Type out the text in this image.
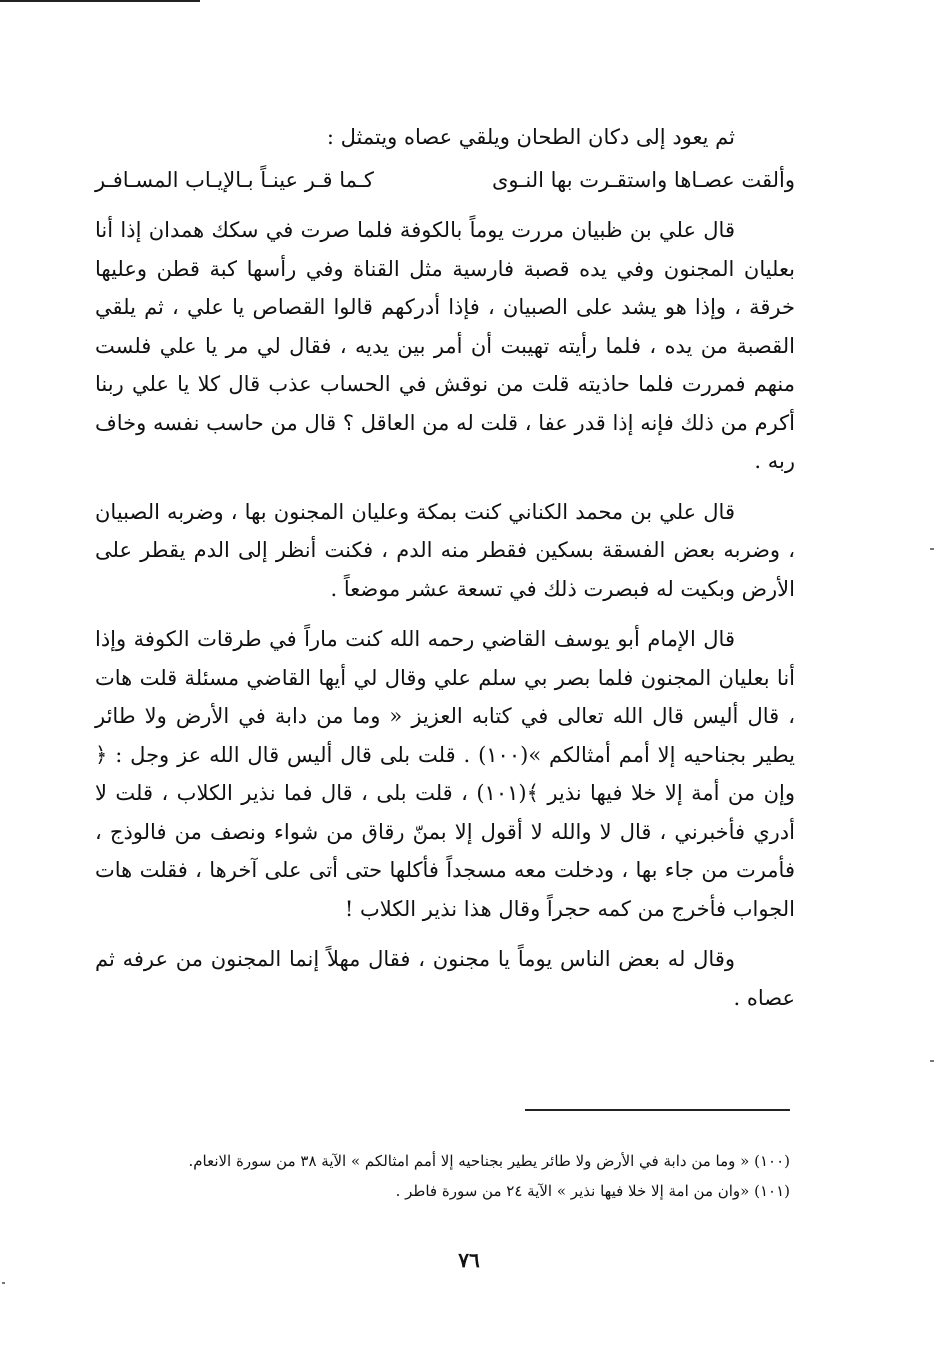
ثم يعود إلى دكان الطحان ويلقي عصاه ويتمثل :

وألقت عصـاها واستقـرت بها النـوى
كـما قـر عينـاً بـالإيـاب المسـافـر

قال علي بن ظبيان مررت يوماً بالكوفة فلما صرت في سكك همدان إذا أنا بعليان المجنون وفي يده قصبة فارسية مثل القناة وفي رأسها كبة قطن وعليها خرقة ، وإذا هو يشد على الصبيان ، فإذا أدركهم قالوا القصاص يا علي ، ثم يلقي القصبة من يده ، فلما رأيته تهيبت أن أمر بين يديه ، فقال لي مر يا علي فلست منهم فمررت فلما حاذيته قلت من نوقش في الحساب عذب قال كلا يا علي ربنا أكرم من ذلك فإنه إذا قدر عفا ، قلت له من العاقل ؟ قال من حاسب نفسه وخاف ربه .

قال علي بن محمد الكناني كنت بمكة وعليان المجنون بها ، وضربه الصبيان ، وضربه بعض الفسقة بسكين فقطر منه الدم ، فكنت أنظر إلى الدم يقطر على الأرض وبكيت له فبصرت ذلك في تسعة عشر موضعاً .

قال الإمام أبو يوسف القاضي رحمه الله كنت ماراً في طرقات الكوفة وإذا أنا بعليان المجنون فلما بصر بي سلم علي وقال لي أيها القاضي مسئلة قلت هات ، قال أليس قال الله تعالى في كتابه العزيز « وما من دابة في الأرض ولا طائر يطير بجناحيه إلا أمم أمثالكم »(١٠٠) . قلت بلى قال أليس قال الله عز وجل : ﴿ وإن من أمة إلا خلا فيها نذير ﴾(١٠١) ، قلت بلى ، قال فما نذير الكلاب ، قلت لا أدري فأخبرني ، قال لا والله لا أقول إلا بمنّ رقاق من شواء ونصف من فالوذج ، فأمرت من جاء بها ، ودخلت معه مسجداً فأكلها حتى أتى على آخرها ، فقلت هات الجواب فأخرج من كمه حجراً وقال هذا نذير الكلاب !

وقال له بعض الناس يوماً يا مجنون ، فقال مهلاً إنما المجنون من عرفه ثم عصاه .

(١٠٠) « وما من دابة في الأرض ولا طائر يطير بجناحيه إلا أمم امثالكم » الآية ٣٨ من سورة الانعام.

(١٠١) «وان من امة إلا خلا فيها نذير » الآية ٢٤ من سورة فاطر .

٧٦
